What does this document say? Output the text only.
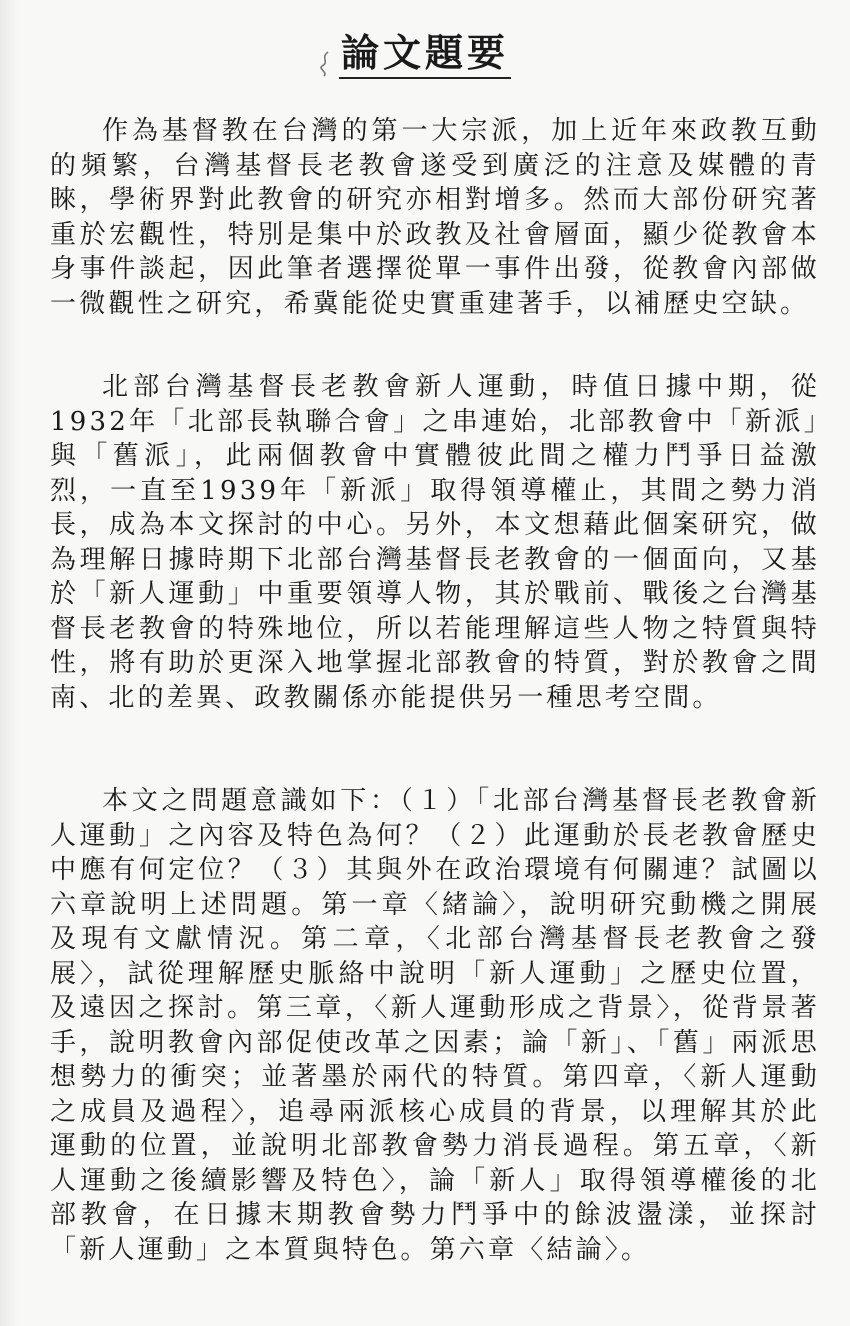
論文題要

作為基督教在台灣的第一大宗派，加上近年來政教互動的頻繁，台灣基督長老教會遂受到廣泛的注意及媒體的青睞，學術界對此教會的研究亦相對增多。然而大部份研究著重於宏觀性，特別是集中於政教及社會層面，顯少從教會本身事件談起，因此筆者選擇從單一事件出發，從教會內部做一微觀性之研究，希冀能從史實重建著手，以補歷史空缺。

北部台灣基督長老教會新人運動，時值日據中期，從1932年「北部長執聯合會」之串連始，北部教會中「新派」與「舊派」，此兩個教會中實體彼此間之權力鬥爭日益激烈，一直至1939年「新派」取得領導權止，其間之勢力消長，成為本文探討的中心。另外，本文想藉此個案研究，做為理解日據時期下北部台灣基督長老教會的一個面向，又基於「新人運動」中重要領導人物，其於戰前、戰後之台灣基督長老教會的特殊地位，所以若能理解這些人物之特質與特性，將有助於更深入地掌握北部教會的特質，對於教會之間南、北的差異、政教關係亦能提供另一種思考空間。

本文之問題意識如下：（１）「北部台灣基督長老教會新人運動」之內容及特色為何？（２）此運動於長老教會歷史中應有何定位？（３）其與外在政治環境有何關連？試圖以六章說明上述問題。第一章〈緒論〉，說明研究動機之開展及現有文獻情況。第二章，〈北部台灣基督長老教會之發展〉，試從理解歷史脈絡中說明「新人運動」之歷史位置，及遠因之探討。第三章，〈新人運動形成之背景〉，從背景著手，說明教會內部促使改革之因素；論「新」、「舊」兩派思想勢力的衝突；並著墨於兩代的特質。第四章，〈新人運動之成員及過程〉，追尋兩派核心成員的背景，以理解其於此運動的位置，並說明北部教會勢力消長過程。第五章，〈新人運動之後續影響及特色〉，論「新人」取得領導權後的北部教會，在日據末期教會勢力鬥爭中的餘波盪漾，並探討「新人運動」之本質與特色。第六章〈結論〉。
